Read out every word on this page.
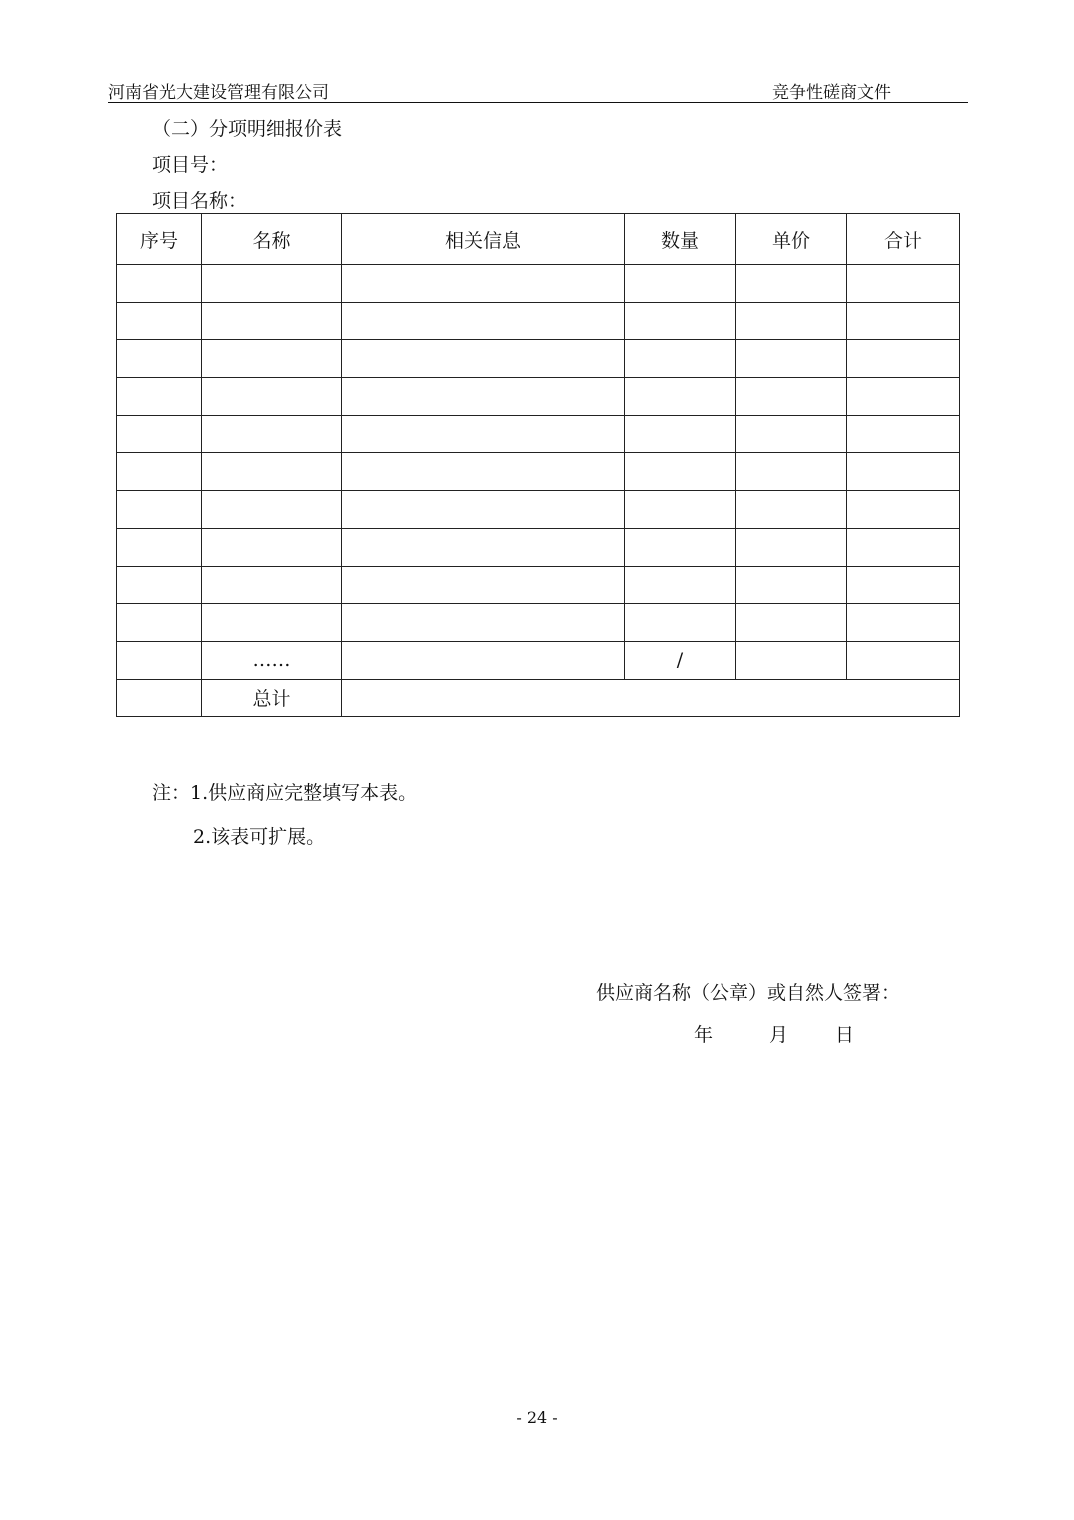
河南省光大建设管理有限公司	竞争性磋商文件
（二）分项明细报价表
项目号：
项目名称：
序号	名称	相关信息	数量	单价	合计

	……		/		
	总计				
注：1.供应商应完整填写本表。
2.该表可扩展。
供应商名称（公章）或自然人签署：
年	月 日
- 24 -
